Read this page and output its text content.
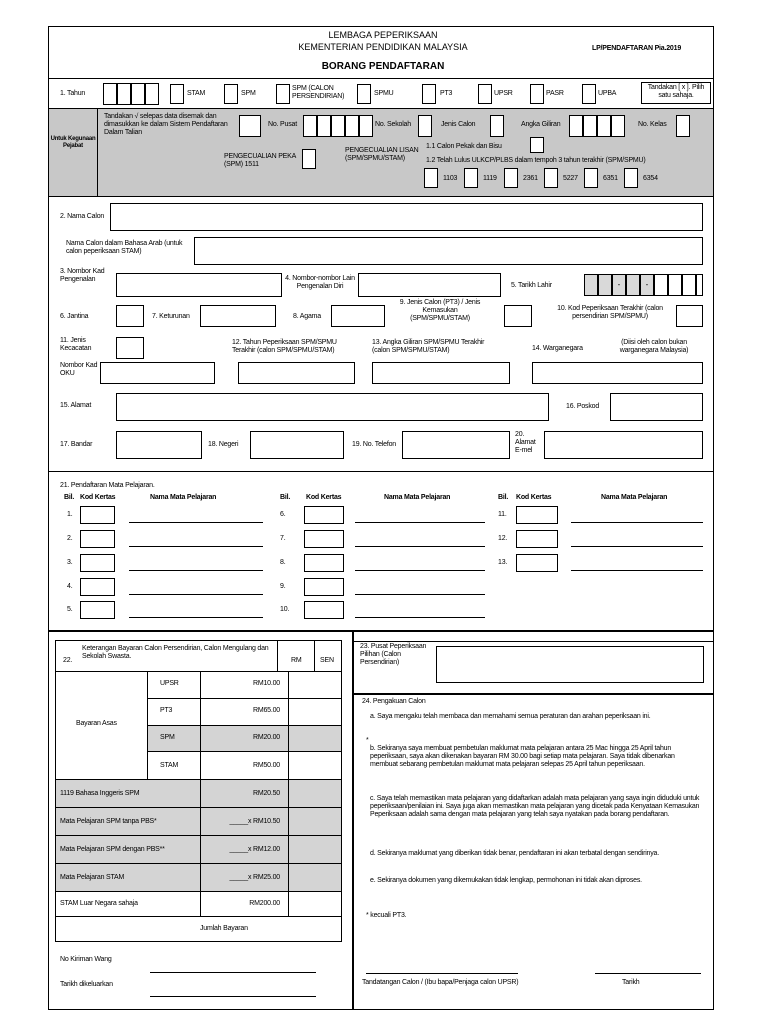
LEMBAGA PEPERIKSAAN
KEMENTERIAN PENDIDIKAN MALAYSIA
BORANG PENDAFTARAN
LP/PENDAFTARAN Pia.2019
1. Tahun	STAM	SPM
SPM (CALON PERSENDIRIAN)	SPMU	PT3	UPSR	PASR	UPBA
Tandakan [ x ]. Pilih satu sahaja.
Untuk Kegunaan Pejabat
Tandakan √ selepas data disemak dan dimasukkan ke dalam Sistem Pendaftaran Dalam Talian
No. Pusat	No. Sekolah	Jenis Calon	Angka Giliran	No. Kelas
PENGECUALIAN PEKA (SPM) 1511
PENGECUALIAN LISAN (SPM/SPMU/STAM)
1.1 Calon Pekak dan Bisu
1.2 Telah Lulus ULKCP/PLBS dalam tempoh 3 tahun terakhir (SPM/SPMU)
1103	1119	2361	5227	6351	6354
2. Nama Calon
Nama Calon dalam Bahasa Arab (untuk calon peperiksaan STAM)
3. Nombor Kad Pengenalan	4. Nombor-nombor Lain Pengenalan Diri	5. Tarikh Lahir	-	-
6. Jantina	7. Keturunan	8. Agama
9. Jenis Calon (PT3) / Jenis Kemasukan (SPM/SPMU/STAM)
10. Kod Peperiksaan Terakhir (calon persendirian SPM/SPMU)
11. Jenis Kecacatan
Nombor Kad OKU
12. Tahun Peperiksaan SPM/SPMU Terakhir (calon SPM/SPMU/STAM)
13. Angka Giliran SPM/SPMU Terakhir (calon SPM/SPMU/STAM)	14. Warganegara
(Diisi oleh calon bukan warganegara Malaysia)
15. Alamat	16. Poskod
17. Bandar	18. Negeri	19. No. Telefon
20. Alamat E-mel
21. Pendaftaran Mata Pelajaran.
Bil. Kod Kertas	Nama Mata Pelajaran	Bil. Kod Kertas	Nama Mata Pelajaran	Bil. Kod Kertas	Nama Mata Pelajaran
1.
2.
3.
4.
5.
6.
7.
8.
9.
10.
11.
12.
13.
22.
Keterangan Bayaran Calon Persendirian, Calon Mengulang dan Sekolah Swasta.
RM	SEN
Bayaran Asas
UPSR	RM10.00
PT3	RM65.00
SPM	RM20.00
STAM	RM50.00
1119 Bahasa Inggeris SPM	RM20.50
Mata Pelajaran SPM tanpa PBS*	_____x RM10.50
Mata Pelajaran SPM dengan PBS**	_____x RM12.00
Mata Pelajaran STAM	_____x RM25.00
STAM Luar Negara sahaja	RM200.00
Jumlah Bayaran
No Kiriman Wang
Tarikh dikeluarkan
23. Pusat Peperiksaan Pilihan (Calon Persendirian)
24. Pengakuan Calon
a. Saya mengaku telah membaca dan memahami semua peraturan dan arahan peperiksaan ini.
*
b. Sekiranya saya membuat pembetulan maklumat mata pelajaran antara 25 Mac hingga 25 April tahun peperiksaan, saya akan dikenakan bayaran RM 30.00 bagi setiap mata pelajaran. Saya tidak dibenarkan membuat sebarang pembetulan maklumat mata pelajaran selepas 25 April tahun peperiksaan.
c. Saya telah memastikan mata pelajaran yang didaftarkan adalah mata pelajaran yang saya ingin diduduki untuk peperiksaan/penilaian ini. Saya juga akan memastikan mata pelajaran yang dicetak pada Kenyataan Kemasukan Peperiksaan adalah sama dengan mata pelajaran yang telah saya nyatakan pada borang pendaftaran.
d. Sekiranya maklumat yang diberikan tidak benar, pendaftaran ini akan terbatal dengan sendirinya.
e. Sekiranya dokumen yang dikemukakan tidak lengkap, permohonan ini tidak akan diproses.
* kecuali PT3.
Tandatangan Calon / (Ibu bapa/Penjaga calon UPSR)	Tarikh
